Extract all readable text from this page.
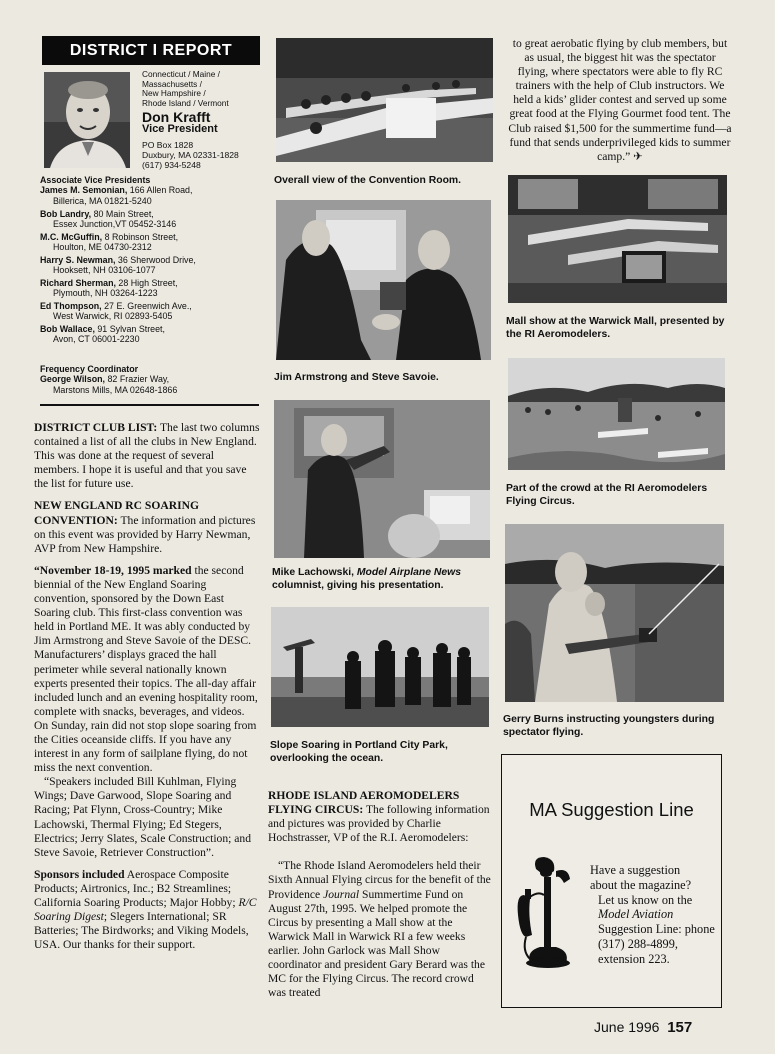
DISTRICT I REPORT
Connecticut / Maine /
Massachusetts /
New Hampshire /
Rhode Island / Vermont
Don Krafft
Vice President
PO Box 1828
Duxbury, MA 02331-1828
(617) 934-5248
Associate Vice Presidents
James M. Semonian, 166 Allen Road,
Billerica, MA 01821-5240
Bob Landry, 80 Main Street,
Essex Junction,VT 05452-3146
M.C. McGuffin, 8 Robinson Street,
Houlton, ME 04730-2312
Harry S. Newman, 36 Sherwood Drive,
Hooksett, NH 03106-1077
Richard Sherman, 28 High Street,
Plymouth, NH 03264-1223
Ed Thompson, 27 E. Greenwich Ave.,
West Warwick, RI 02893-5405
Bob Wallace, 91 Sylvan Street,
Avon, CT 06001-2230
Frequency Coordinator
George Wilson, 82 Frazier Way,
Marstons Mills, MA 02648-1866

DISTRICT CLUB LIST: The last two columns contained a list of all the clubs in New England. This was done at the request of several members. I hope it is useful and that you save the list for future use.

NEW ENGLAND RC SOARING CONVENTION: The information and pictures on this event was provided by Harry Newman, AVP from New Hampshire.

“November 18-19, 1995 marked the second biennial of the New England Soaring convention, sponsored by the Down East Soaring club. This first-class convention was held in Portland ME. It was ably conducted by Jim Armstrong and Steve Savoie of the DESC. Manufacturers’ displays graced the hall perimeter while several nationally known experts presented their topics. The all-day affair included lunch and an evening hospitality room, complete with snacks, beverages, and videos. On Sunday, rain did not stop slope soaring from the Cities oceanside cliffs. If you have any interest in any form of sailplane flying, do not miss the next convention.

“Speakers included Bill Kuhlman, Flying Wings; Dave Garwood, Slope Soaring and Racing; Pat Flynn, Cross-Country; Mike Lachowski, Thermal Flying; Ed Stegers, Electrics; Jerry Slates, Scale Construction; and Steve Savoie, Retriever Construction”.

Sponsors included Aerospace Composite Products; Airtronics, Inc.; B2 Streamlines; California Soaring Products; Major Hobby; R/C Soaring Digest; Slegers International; SR Batteries; The Birdworks; and Viking Models, USA. Our thanks for their support.

Overall view of the Convention Room.
Jim Armstrong and Steve Savoie.
Mike Lachowski, Model Airplane News columnist, giving his presentation.
Slope Soaring in Portland City Park, overlooking the ocean.

RHODE ISLAND AEROMODELERS FLYING CIRCUS: The following information and pictures was provided by Charlie Hochstrasser, VP of the R.I. Aeromodelers:

“The Rhode Island Aeromodelers held their Sixth Annual Flying circus for the benefit of the Providence Journal Summertime Fund on August 27th, 1995. We helped promote the Circus by presenting a Mall show at the Warwick Mall in Warwick RI a few weeks earlier. John Garlock was Mall Show coordinator and president Gary Berard was the MC for the Flying Circus. The record crowd was treated

to great aerobatic flying by club members, but as usual, the biggest hit was the spectator flying, where spectators were able to fly RC trainers with the help of Club instructors. We held a kids’ glider contest and served up some great food at the Flying Gourmet food tent. The Club raised $1,500 for the summertime fund—a fund that sends underprivileged kids to summer camp.” ✈

Mall show at the Warwick Mall, presented by the RI Aeromodelers.
Part of the crowd at the RI Aeromodelers Flying Circus.
Gerry Burns instructing youngsters during spectator flying.
MA Suggestion Line
Have a suggestion
about the magazine?

Let us know on the
Model Aviation
Suggestion Line: phone
(317) 288-4899,
extension 223.
June 1996 157
